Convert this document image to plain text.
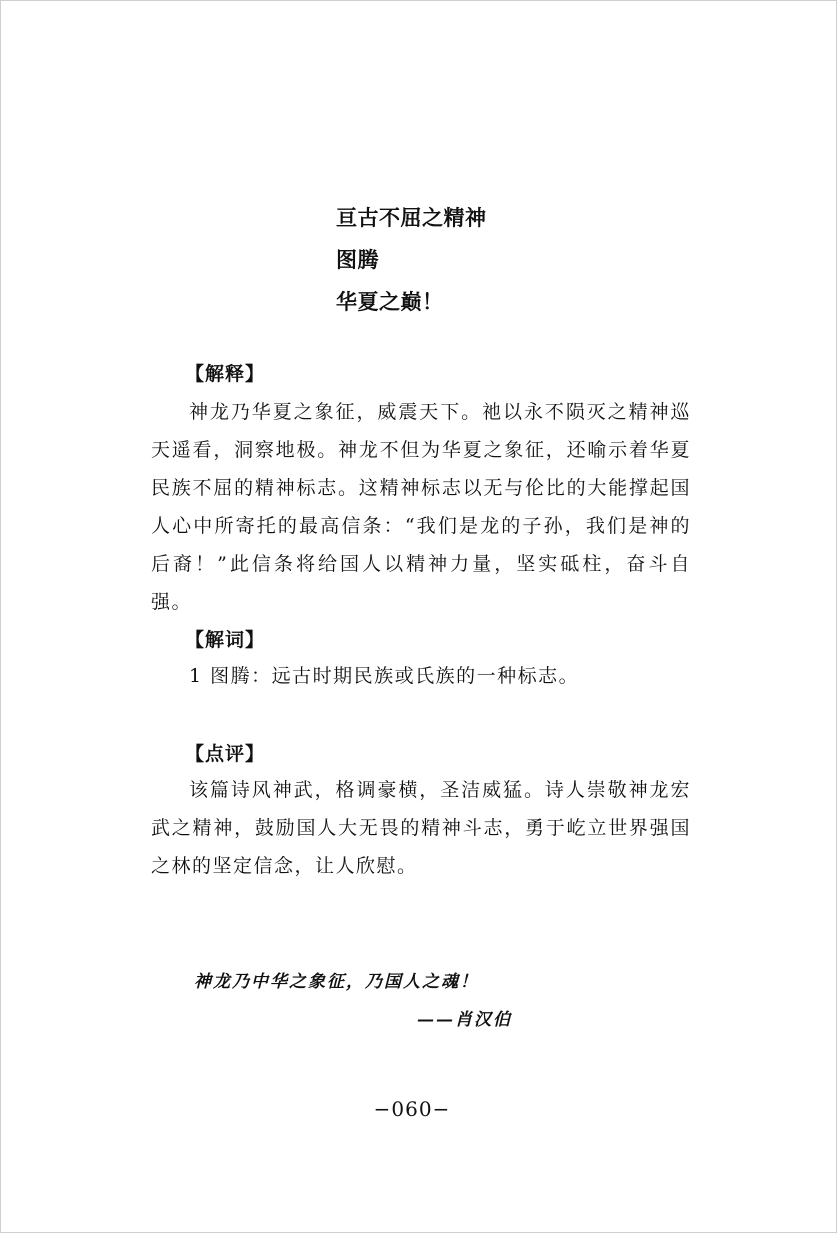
亘古不屈之精神
图腾
华夏之巅！
【解释】
神龙乃华夏之象征，威震天下。祂以永不陨灭之精神巡天遥看，洞察地极。神龙不但为华夏之象征，还喻示着华夏民族不屈的精神标志。这精神标志以无与伦比的大能撑起国人心中所寄托的最高信条：“我们是龙的子孙，我们是神的后裔！”此信条将给国人以精神力量，坚实砥柱，奋斗自强。
【解词】
1 图腾：远古时期民族或氏族的一种标志。
【点评】
该篇诗风神武，格调豪横，圣洁威猛。诗人崇敬神龙宏武之精神，鼓励国人大无畏的精神斗志，勇于屹立世界强国之林的坚定信念，让人欣慰。
神龙乃中华之象征，乃国人之魂！
——肖汉伯
−060−
